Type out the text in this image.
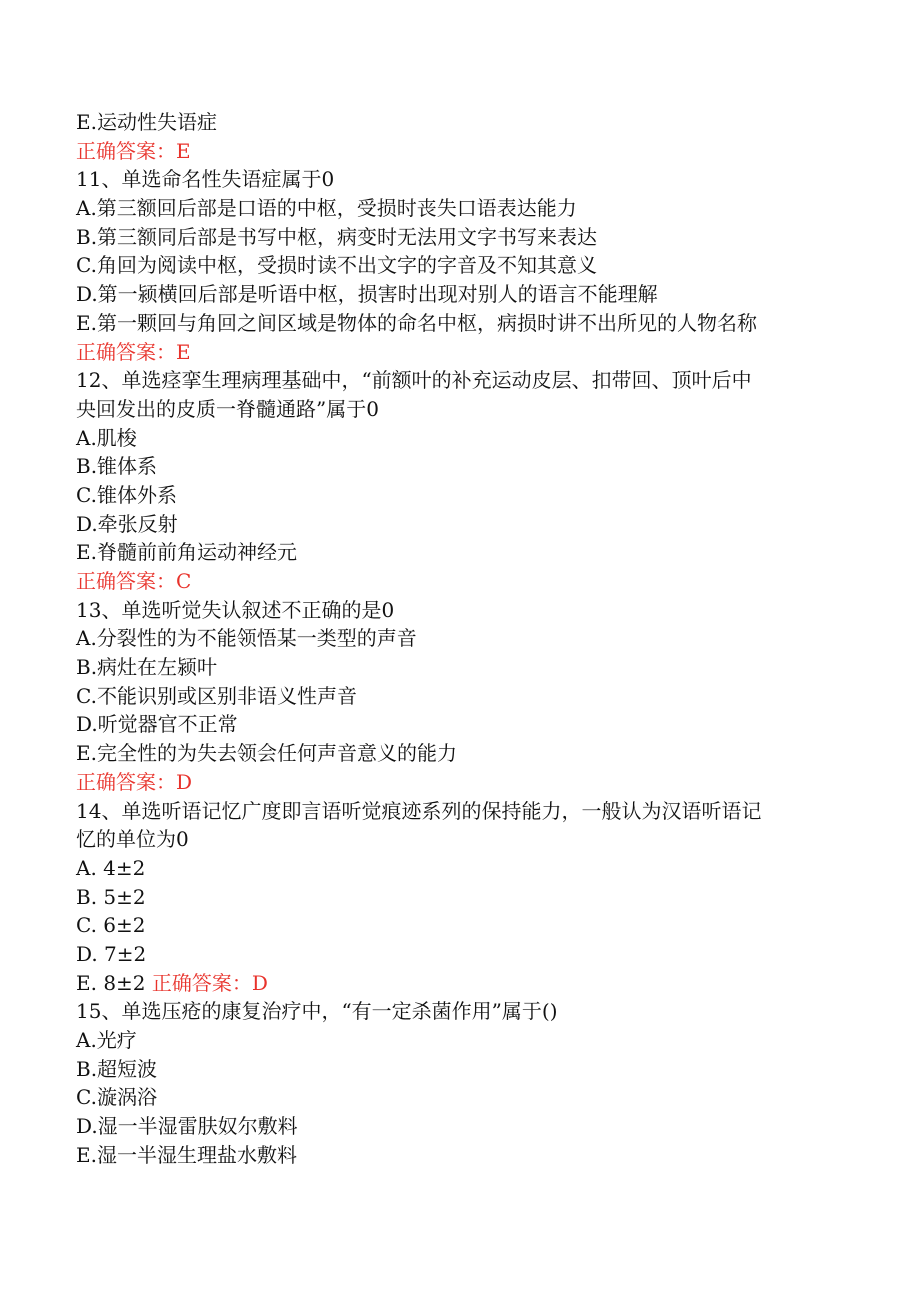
E.运动性失语症

正确答案：E

11、单选命名性失语症属于0

A.第三额回后部是口语的中枢，受损时丧失口语表达能力

B.第三额同后部是书写中枢，病变时无法用文字书写来表达

C.角回为阅读中枢，受损时读不出文字的字音及不知其意义

D.第一颍横回后部是听语中枢，损害时出现对别人的语言不能理解

E.第一颗回与角回之间区域是物体的命名中枢，病损时讲不出所见的人物名称

正确答案：E

12、单选痉挛生理病理基础中，“前额叶的补充运动皮层、扣带回、顶叶后中

央回发出的皮质一脊髓通路”属于0

A.肌梭

B.锥体系

C.锥体外系

D.牵张反射

E.脊髓前前角运动神经元

正确答案：C

13、单选听觉失认叙述不正确的是0

A.分裂性的为不能领悟某一类型的声音

B.病灶在左颍叶

C.不能识别或区别非语义性声音

D.听觉器官不正常

E.完全性的为失去领会任何声音意义的能力

正确答案：D

14、单选听语记忆广度即言语听觉痕迹系列的保持能力，一般认为汉语听语记

忆的单位为0

A. 4±2

B. 5±2

C. 6±2

D. 7±2

E. 8±2 正确答案：D

15、单选压疮的康复治疗中，“有一定杀菌作用”属于()

A.光疗

B.超短波

C.漩涡浴

D.湿一半湿雷肤奴尔敷料

E.湿一半湿生理盐水敷料
